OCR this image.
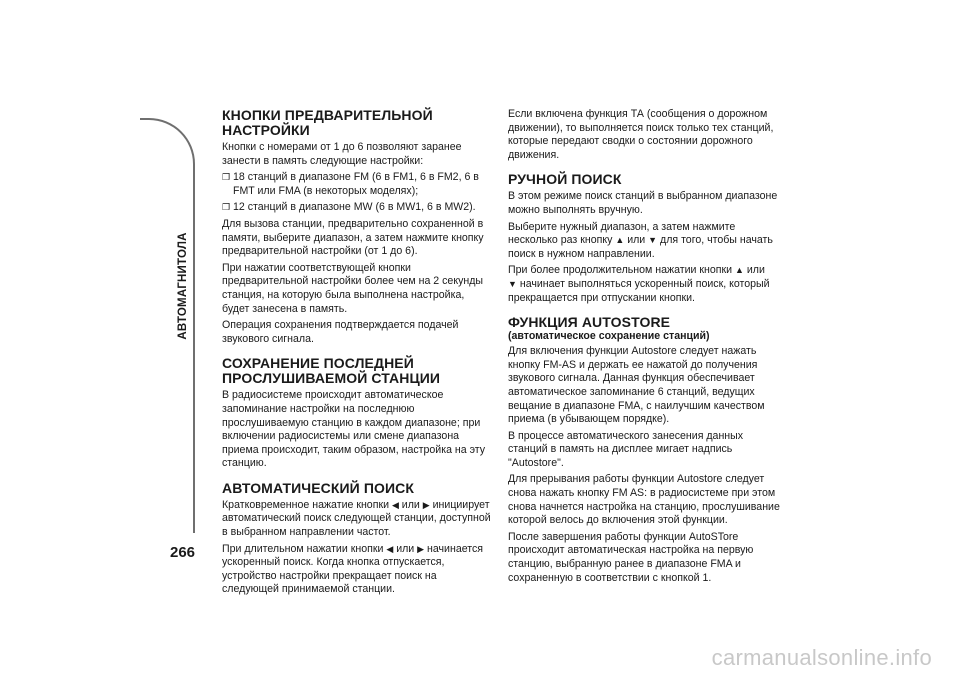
АВТОМАГНИТОЛА
266
КНОПКИ ПРЕДВАРИТЕЛЬНОЙ НАСТРОЙКИ

Кнопки с номерами от 1 до 6 позволяют заранее занести в память следующие настройки:

❒ 18 станций в диапазоне FM (6 в FM1, 6 в FM2, 6 в FMT или FMA (в некоторых моделях);

❒ 12 станций в диапазоне MW (6 в MW1, 6 в MW2).

Для вызова станции, предварительно сохраненной в памяти, выберите диапазон, а затем нажмите кнопку предварительной настройки (от 1 до 6).

При нажатии соответствующей кнопки предварительной настройки более чем на 2 секунды станция, на которую была выполнена настройка, будет занесена в память.

Операция сохранения подтверждается подачей звукового сигнала.

СОХРАНЕНИЕ ПОСЛЕДНЕЙ
ПРОСЛУШИВАЕМОЙ СТАНЦИИ

В радиосистеме происходит автоматическое запоминание настройки на последнюю прослушиваемую станцию в каждом диапазоне; при включении радиосистемы или смене диапазона приема происходит, таким образом, настройка на эту станцию.

АВТОМАТИЧЕСКИЙ ПОИСК

Кратковременное нажатие кнопки ◀ или ▶ инициирует автоматический поиск следующей станции, доступной в выбранном направлении частот.

При длительном нажатии кнопки ◀ или ▶ начинается ускоренный поиск. Когда кнопка отпускается, устройство настройки прекращает поиск на следующей принимаемой станции.

Если включена функция ТА (сообщения о дорожном движении), то выполняется поиск только тех станций, которые передают сводки о состоянии дорожного движения.

РУЧНОЙ ПОИСК

В этом режиме поиск станций в выбранном диапазоне можно выполнять вручную.

Выберите нужный диапазон, а затем нажмите несколько раз кнопку ▲ или ▼ для того, чтобы начать поиск в нужном направлении.

При более продолжительном нажатии кнопки ▲ или
▼ начинает выполняться ускоренный поиск, который прекращается при отпускании кнопки.

ФУНКЦИЯ AUTOSTORE
(автоматическое сохранение станций)

Для включения функции Autostore следует нажать кнопку FM-AS и держать ее нажатой до получения звукового сигнала. Данная функция обеспечивает автоматическое запоминание 6 станций, ведущих вещание в диапазоне FMA, с наилучшим качеством приема (в убывающем порядке).

В процессе автоматического занесения данных станций в память на дисплее мигает надпись "Autostore".

Для прерывания работы функции Autostore следует снова нажать кнопку FM AS: в радиосистеме при этом снова начнется настройка на станцию, прослушивание которой велось до включения этой функции.

После завершения работы функции AutoSTore происходит автоматическая настройка на первую станцию, выбранную ранее в диапазоне FMA и сохраненную в соответствии с кнопкой 1.

carmanualsonline.info
